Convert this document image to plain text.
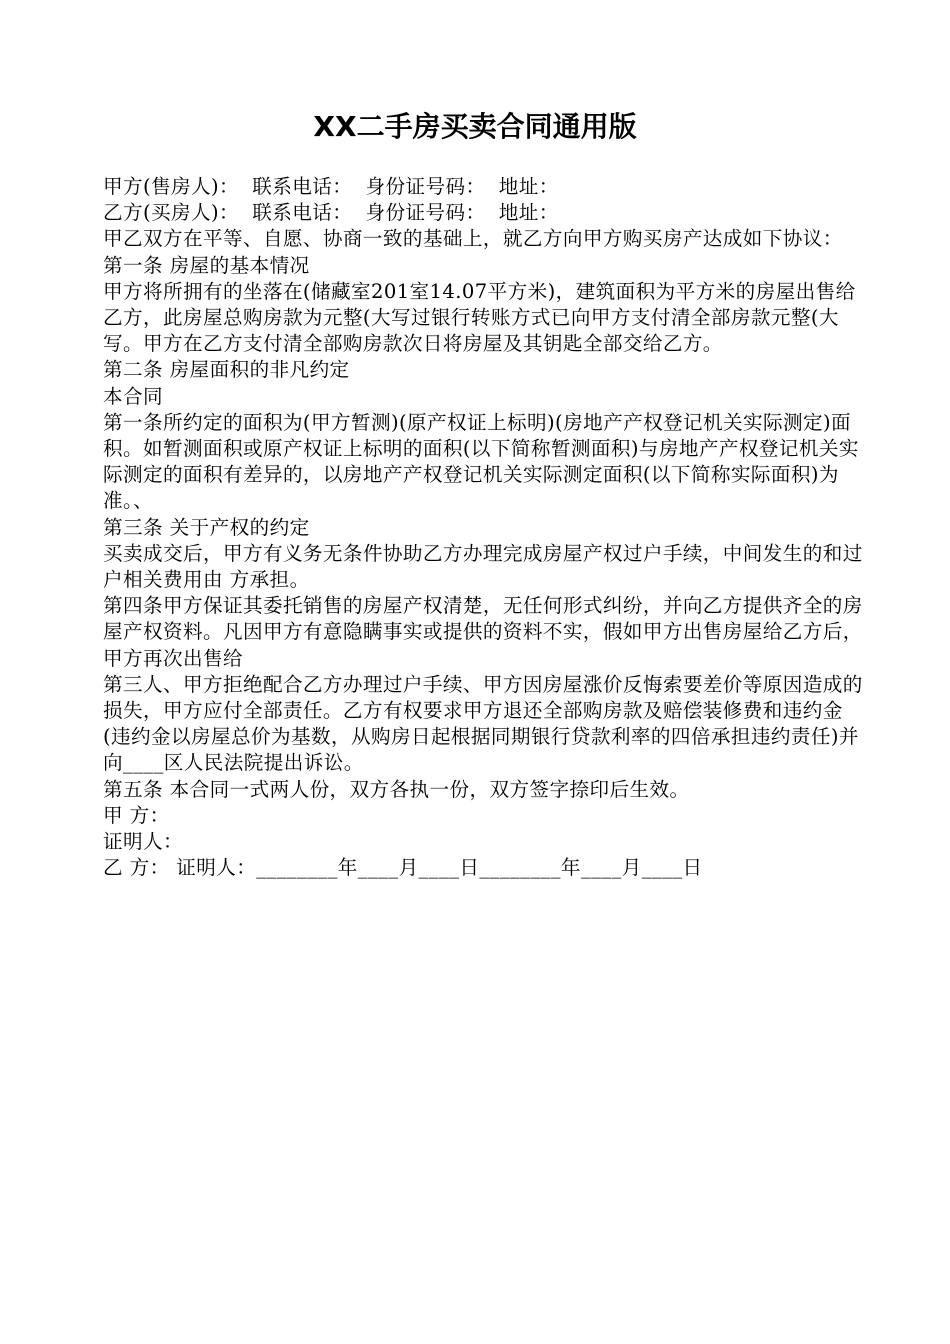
XX二手房买卖合同通用版

甲方(售房人)：  联系电话：  身份证号码：  地址：

乙方(买房人)：  联系电话：  身份证号码：  地址：

甲乙双方在平等、自愿、协商一致的基础上，就乙方向甲方购买房产达成如下协议：

第一条 房屋的基本情况

甲方将所拥有的坐落在(储藏室201室14.07平方米)，建筑面积为平方米的房屋出售给乙方，此房屋总购房款为元整(大写过银行转账方式已向甲方支付清全部房款元整(大写。甲方在乙方支付清全部购房款次日将房屋及其钥匙全部交给乙方。

第二条 房屋面积的非凡约定

本合同

第一条所约定的面积为(甲方暂测)(原产权证上标明)(房地产产权登记机关实际测定)面积。如暂测面积或原产权证上标明的面积(以下简称暂测面积)与房地产产权登记机关实际测定的面积有差异的，以房地产产权登记机关实际测定面积(以下简称实际面积)为准。、

第三条 关于产权的约定

买卖成交后，甲方有义务无条件协助乙方办理完成房屋产权过户手续，中间发生的和过户相关费用由 方承担。

第四条甲方保证其委托销售的房屋产权清楚，无任何形式纠纷，并向乙方提供齐全的房屋产权资料。凡因甲方有意隐瞒事实或提供的资料不实，假如甲方出售房屋给乙方后，甲方再次出售给

第三人、甲方拒绝配合乙方办理过户手续、甲方因房屋涨价反悔索要差价等原因造成的损失，甲方应付全部责任。乙方有权要求甲方退还全部购房款及赔偿装修费和违约金(违约金以房屋总价为基数，从购房日起根据同期银行贷款利率的四倍承担违约责任)并向____区人民法院提出诉讼。

第五条 本合同一式两人份，双方各执一份，双方签字捺印后生效。

甲 方：

证明人：

乙 方： 证明人：________年____月____日________年____月____日
